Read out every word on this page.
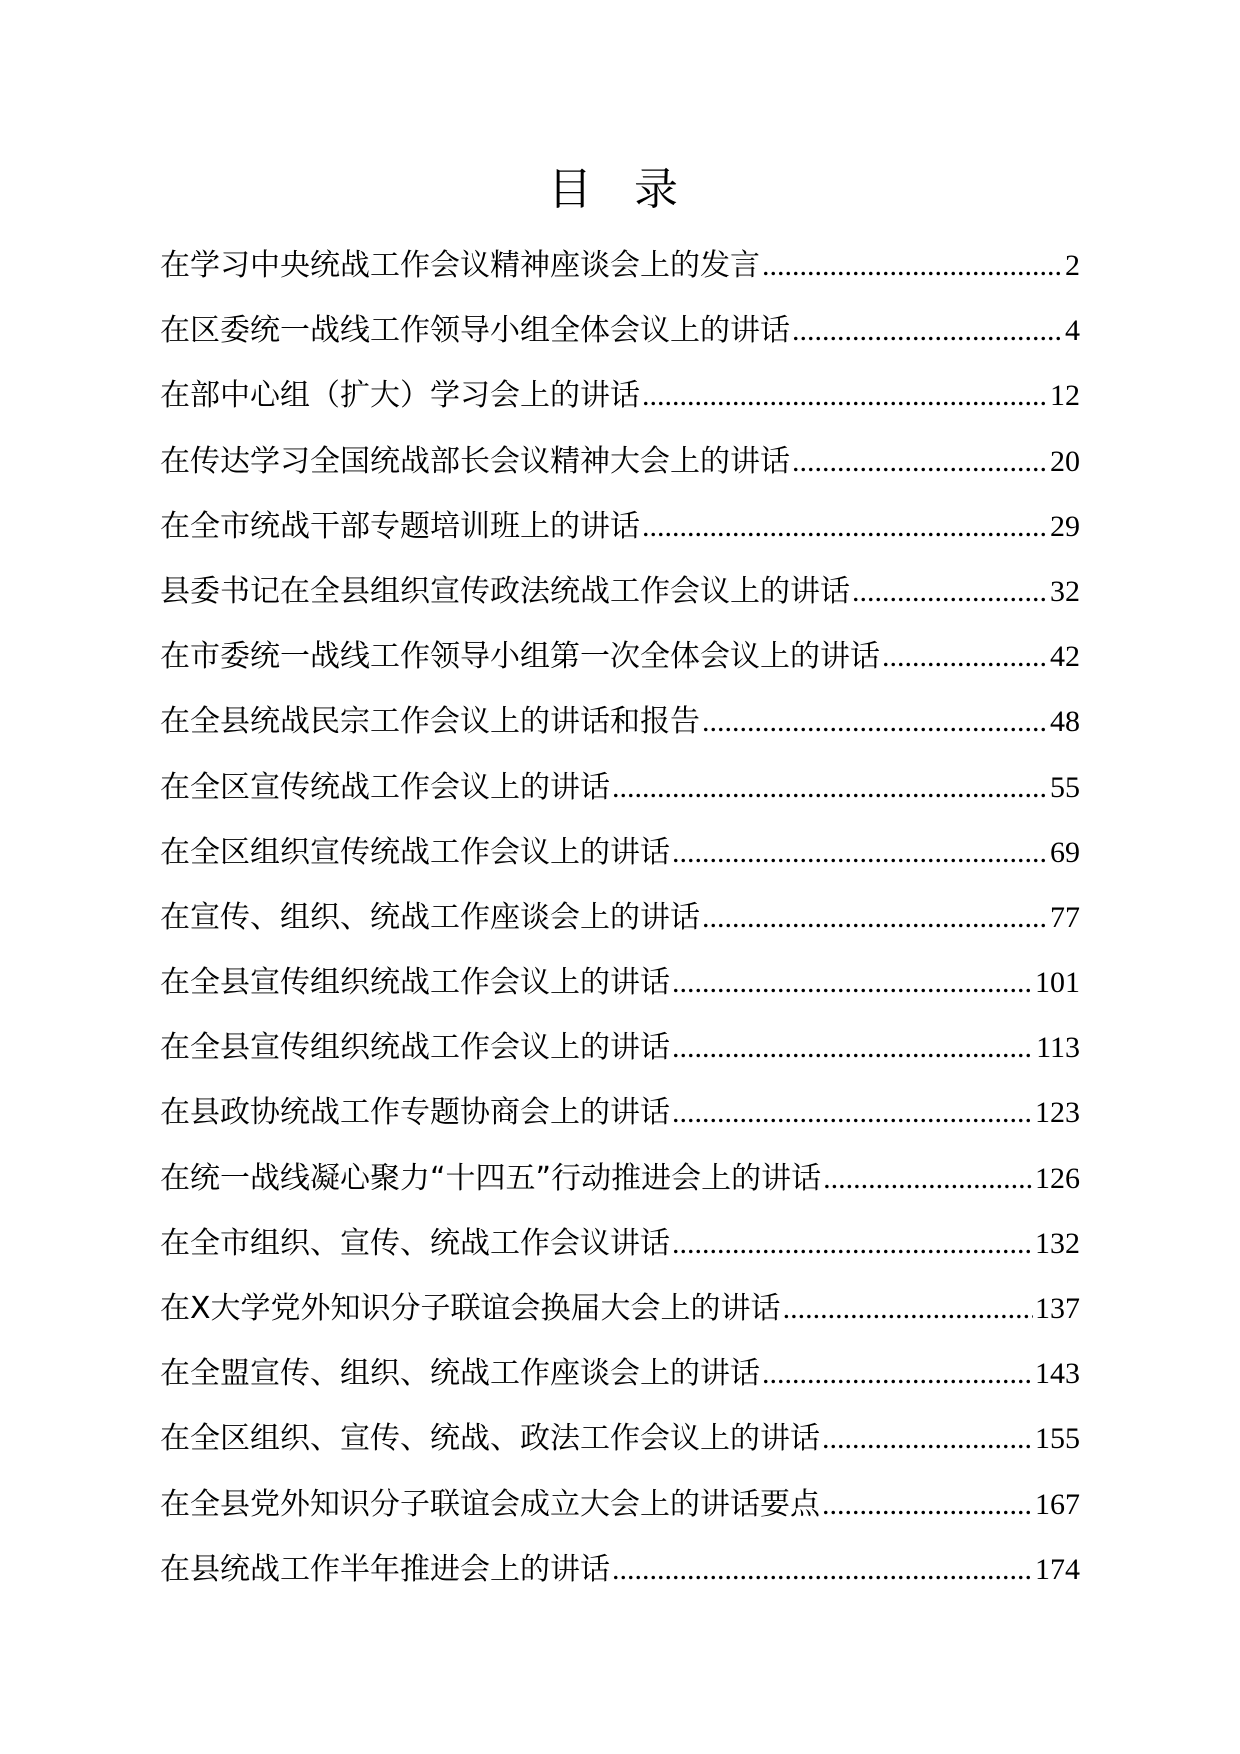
目 录
在学习中央统战工作会议精神座谈会上的发言 .....	2
在区委统一战线工作领导小组全体会议上的讲话 .....	4
在部中心组（扩大）学习会上的讲话 .....	12
在传达学习全国统战部长会议精神大会上的讲话 .....	20
在全市统战干部专题培训班上的讲话 .....	29
县委书记在全县组织宣传政法统战工作会议上的讲话 .....	32
在市委统一战线工作领导小组第一次全体会议上的讲话 .....	42
在全县统战民宗工作会议上的讲话和报告 .....	48
在全区宣传统战工作会议上的讲话 .....	55
在全区组织宣传统战工作会议上的讲话 .....	69
在宣传、组织、统战工作座谈会上的讲话 .....	77
在全县宣传组织统战工作会议上的讲话 .....	101
在全县宣传组织统战工作会议上的讲话 .....	113
在县政协统战工作专题协商会上的讲话 .....	123
在统一战线凝心聚力“十四五”行动推进会上的讲话 .....	126
在全市组织、宣传、统战工作会议讲话 .....	132
在X大学党外知识分子联谊会换届大会上的讲话 .....	137
在全盟宣传、组织、统战工作座谈会上的讲话 .....	143
在全区组织、宣传、统战、政法工作会议上的讲话 .....	155
在全县党外知识分子联谊会成立大会上的讲话要点 .....	167
在县统战工作半年推进会上的讲话 .....	174
